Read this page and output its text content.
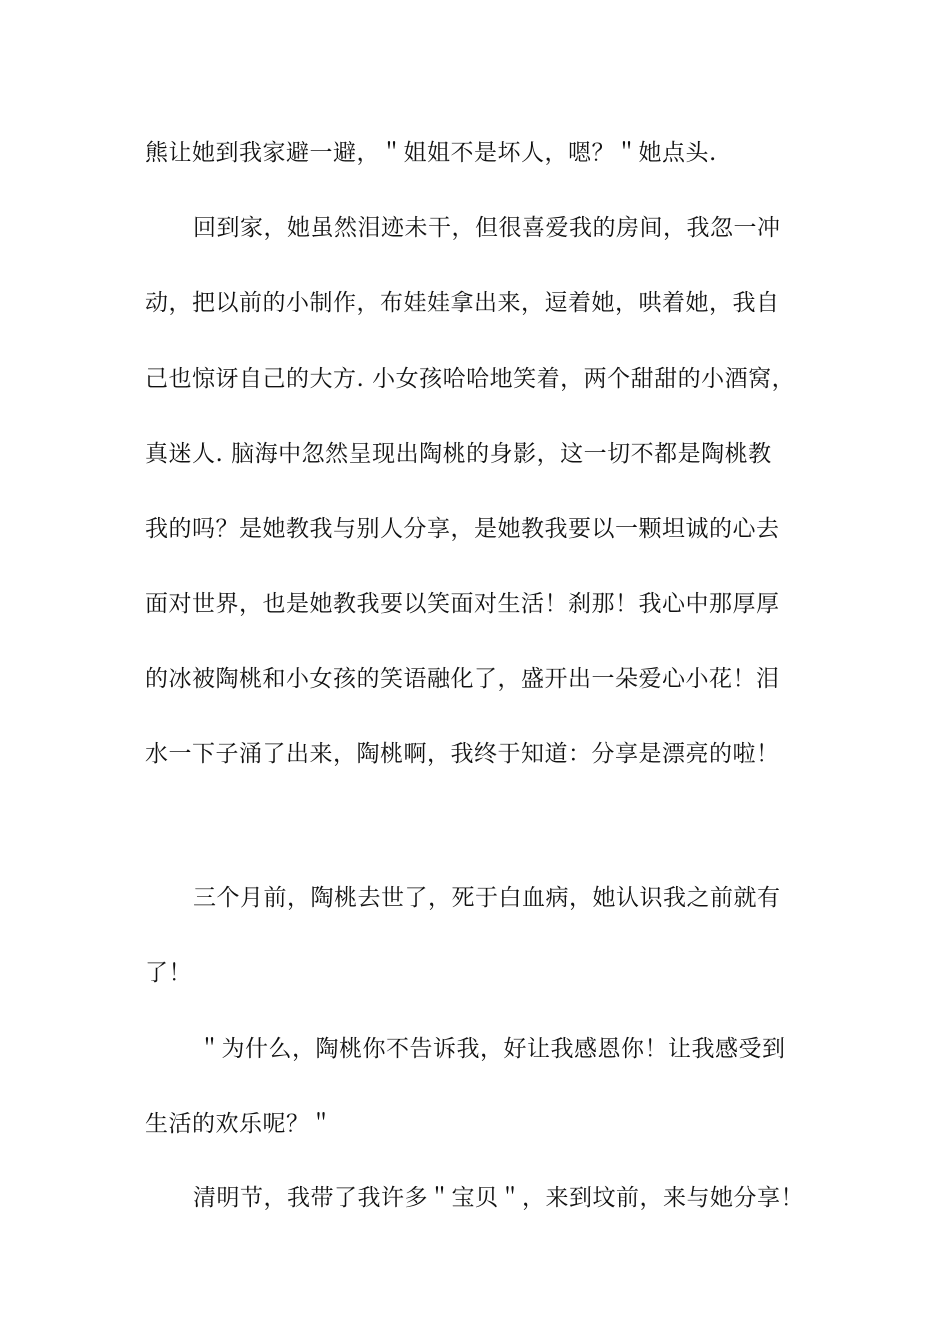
熊让她到我家避一避，＂姐姐不是坏人，嗯？＂她点头.
回到家，她虽然泪迹未干，但很喜爱我的房间，我忽一冲
动，把以前的小制作，布娃娃拿出来，逗着她，哄着她，我自
己也惊讶自己的大方. 小女孩哈哈地笑着，两个甜甜的小酒窝，
真迷人. 脑海中忽然呈现出陶桃的身影，这一切不都是陶桃教
我的吗？是她教我与别人分享，是她教我要以一颗坦诚的心去
面对世界，也是她教我要以笑面对生活！刹那！我心中那厚厚
的冰被陶桃和小女孩的笑语融化了，盛开出一朵爱心小花！泪
水一下子涌了出来，陶桃啊，我终于知道：分享是漂亮的啦！
三个月前，陶桃去世了，死于白血病，她认识我之前就有
了！
＂为什么，陶桃你不告诉我，好让我感恩你！让我感受到
生活的欢乐呢？＂
清明节，我带了我许多＂宝贝＂，来到坟前，来与她分享！
